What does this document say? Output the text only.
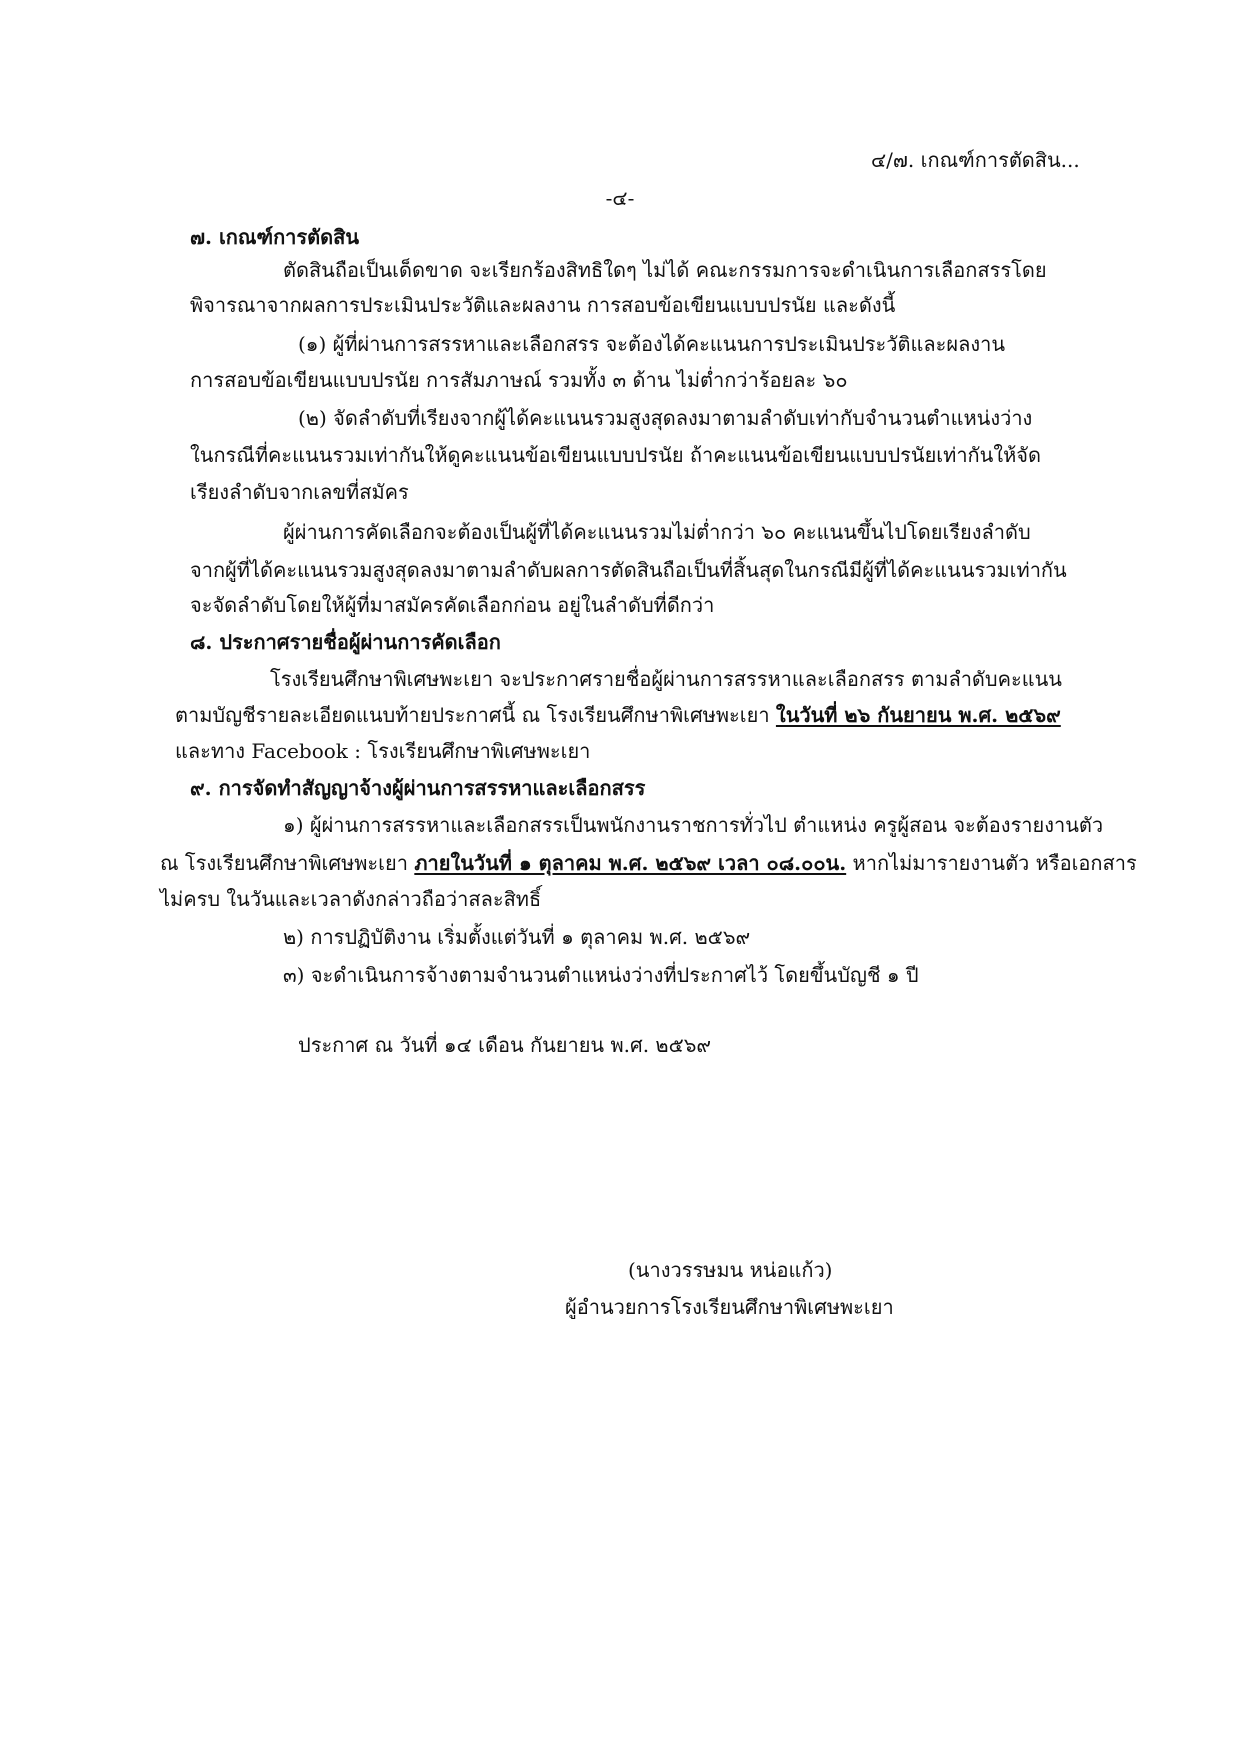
๔/๗. เกณฑ์การตัดสิน...
-๔-
๗. เกณฑ์การตัดสิน
ตัดสินถือเป็นเด็ดขาด จะเรียกร้องสิทธิใดๆ ไม่ได้ คณะกรรมการจะดำเนินการเลือกสรรโดย
พิจารณาจากผลการประเมินประวัติและผลงาน การสอบข้อเขียนแบบปรนัย และดังนี้
(๑) ผู้ที่ผ่านการสรรหาและเลือกสรร จะต้องได้คะแนนการประเมินประวัติและผลงาน
การสอบข้อเขียนแบบปรนัย การสัมภาษณ์ รวมทั้ง ๓ ด้าน ไม่ต่ำกว่าร้อยละ ๖๐
(๒) จัดลำดับที่เรียงจากผู้ได้คะแนนรวมสูงสุดลงมาตามลำดับเท่ากับจำนวนตำแหน่งว่าง
ในกรณีที่คะแนนรวมเท่ากันให้ดูคะแนนข้อเขียนแบบปรนัย ถ้าคะแนนข้อเขียนแบบปรนัยเท่ากันให้จัด
เรียงลำดับจากเลขที่สมัคร
ผู้ผ่านการคัดเลือกจะต้องเป็นผู้ที่ได้คะแนนรวมไม่ต่ำกว่า ๖๐ คะแนนขึ้นไปโดยเรียงลำดับ
จากผู้ที่ได้คะแนนรวมสูงสุดลงมาตามลำดับผลการตัดสินถือเป็นที่สิ้นสุดในกรณีมีผู้ที่ได้คะแนนรวมเท่ากัน
จะจัดลำดับโดยให้ผู้ที่มาสมัครคัดเลือกก่อน อยู่ในลำดับที่ดีกว่า
๘. ประกาศรายชื่อผู้ผ่านการคัดเลือก
โรงเรียนศึกษาพิเศษพะเยา จะประกาศรายชื่อผู้ผ่านการสรรหาและเลือกสรร ตามลำดับคะแนน
ตามบัญชีรายละเอียดแนบท้ายประกาศนี้ ณ โรงเรียนศึกษาพิเศษพะเยา ในวันที่ ๒๖ กันยายน พ.ศ. ๒๕๖๙
และทาง Facebook : โรงเรียนศึกษาพิเศษพะเยา
๙. การจัดทำสัญญาจ้างผู้ผ่านการสรรหาและเลือกสรร
๑) ผู้ผ่านการสรรหาและเลือกสรรเป็นพนักงานราชการทั่วไป ตำแหน่ง ครูผู้สอน จะต้องรายงานตัว
ณ โรงเรียนศึกษาพิเศษพะเยา ภายในวันที่ ๑ ตุลาคม พ.ศ. ๒๕๖๙ เวลา ๐๘.๐๐น. หากไม่มารายงานตัว หรือเอกสาร
ไม่ครบ ในวันและเวลาดังกล่าวถือว่าสละสิทธิ์
๒) การปฏิบัติงาน เริ่มตั้งแต่วันที่ ๑ ตุลาคม พ.ศ. ๒๕๖๙
๓) จะดำเนินการจ้างตามจำนวนตำแหน่งว่างที่ประกาศไว้ โดยขึ้นบัญชี ๑ ปี
ประกาศ ณ วันที่ ๑๔ เดือน กันยายน พ.ศ. ๒๕๖๙
(นางวรรษมน หน่อแก้ว)
ผู้อำนวยการโรงเรียนศึกษาพิเศษพะเยา
